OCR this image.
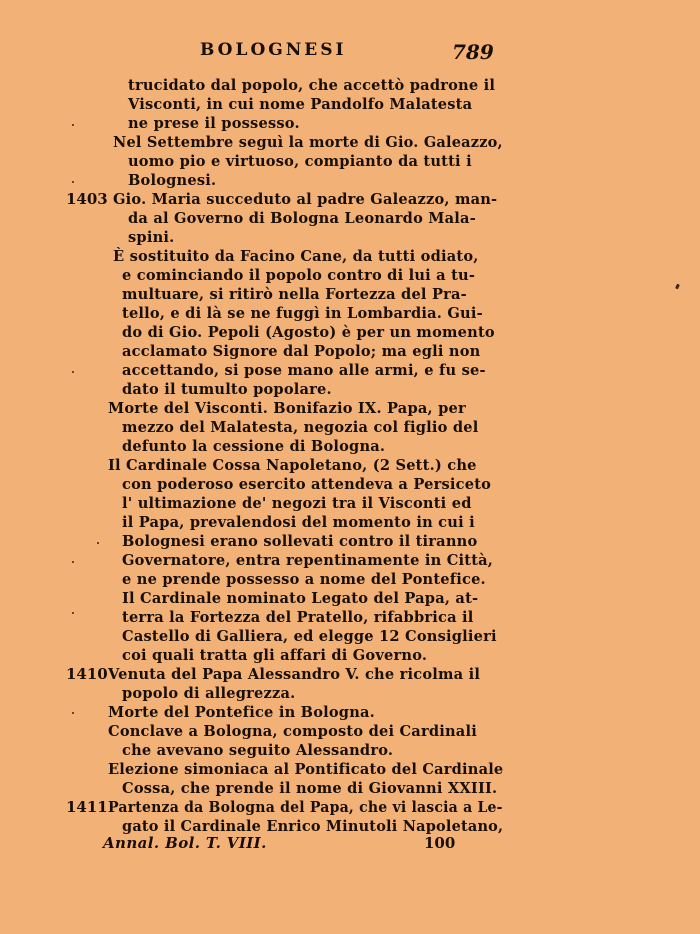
BOLOGNESI	789
trucidato dal popolo, che accettò padrone il
Visconti, in cui nome Pandolfo Malatesta
ne prese il possesso.
Nel Settembre seguì la morte di Gio. Galeazzo,
uomo pio e virtuoso, compianto da tutti i
Bolognesi.
1403 Gio. Maria succeduto al padre Galeazzo, man-
da al Governo di Bologna Leonardo Mala-
spini.
È sostituito da Facino Cane, da tutti odiato,
e cominciando il popolo contro di lui a tu-
multuare, si ritirò nella Fortezza del Pra-
tello, e di là se ne fuggì in Lombardia. Gui-
do di Gio. Pepoli (Agosto) è per un momento
acclamato Signore dal Popolo; ma egli non
accettando, si pose mano alle armi, e fu se-
dato il tumulto popolare.
Morte del Visconti. Bonifazio IX. Papa, per
mezzo del Malatesta, negozia col figlio del
defunto la cessione di Bologna.
Il Cardinale Cossa Napoletano, (2 Sett.) che
con poderoso esercito attendeva a Persiceto
l' ultimazione de' negozi tra il Visconti ed
il Papa, prevalendosi del momento in cui i
Bolognesi erano sollevati contro il tiranno
Governatore, entra repentinamente in Città,
e ne prende possesso a nome del Pontefice.
Il Cardinale nominato Legato del Papa, at-
terra la Fortezza del Pratello, rifabbrica il
Castello di Galliera, ed elegge 12 Consiglieri
coi quali tratta gli affari di Governo.
1410 Venuta del Papa Alessandro V. che ricolma il
popolo di allegrezza.
Morte del Pontefice in Bologna.
Conclave a Bologna, composto dei Cardinali
che avevano seguito Alessandro.
Elezione simoniaca al Pontificato del Cardinale
Cossa, che prende il nome di Giovanni XXIII.
1411 Partenza da Bologna del Papa, che vi lascia a Le-
gato il Cardinale Enrico Minutoli Napoletano,
Annal. Bol. T. VIII.	100
